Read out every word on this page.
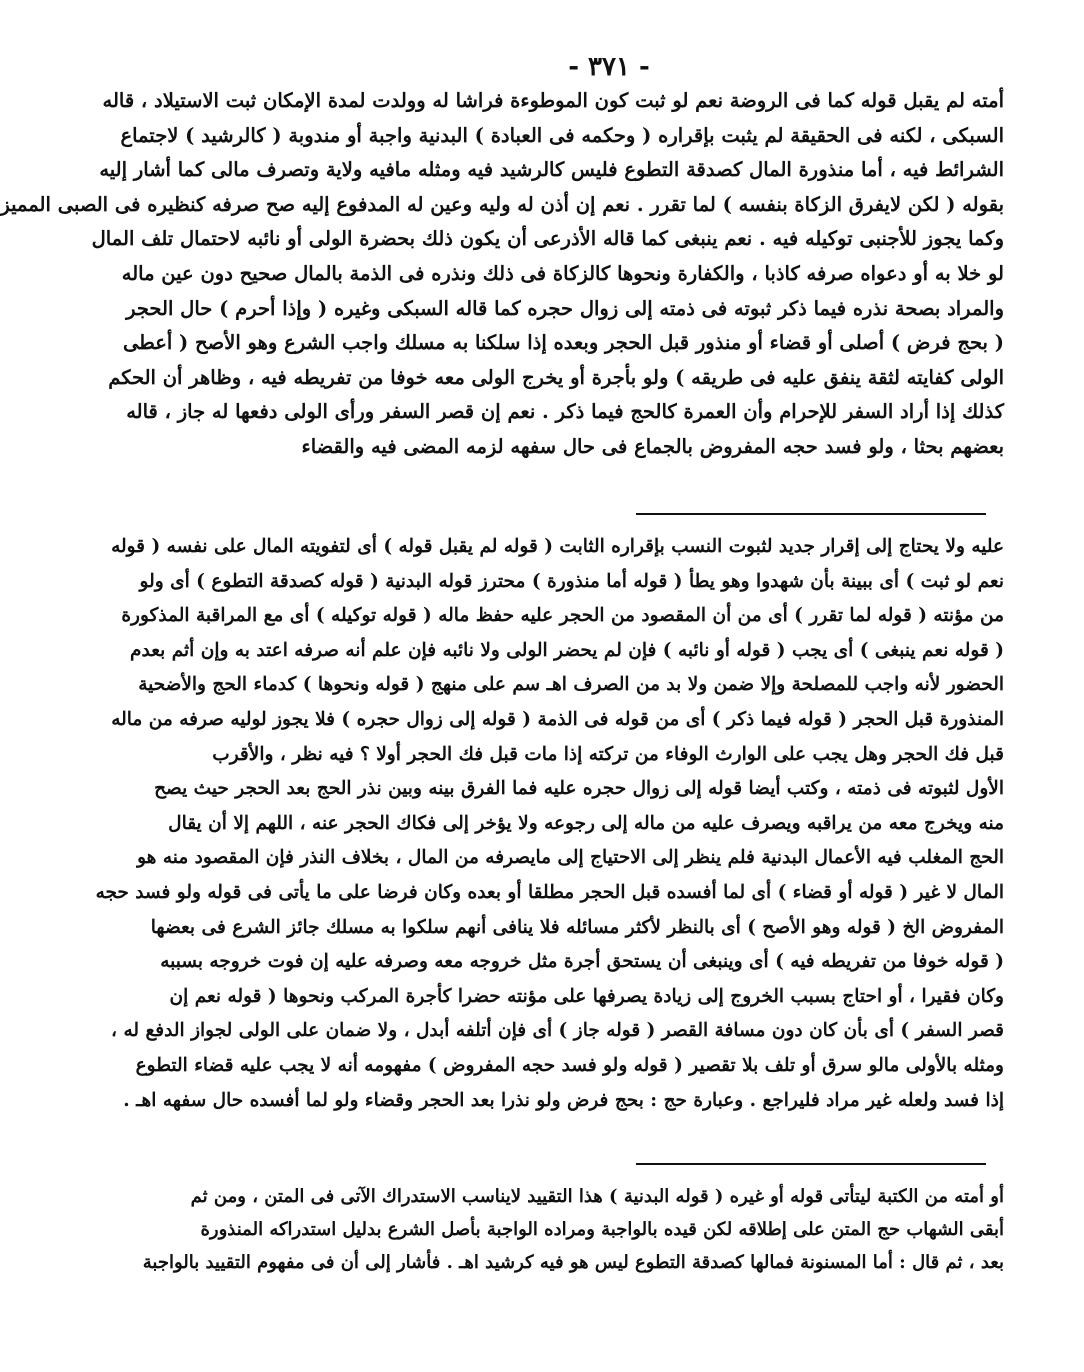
- ٣٧١ -
أمته لم يقبل قوله كما فى الروضة نعم لو ثبت كون الموطوءة فراشا له وولدت لمدة الإمكان ثبت الاستيلاد ، قاله
السبكى ، لكنه فى الحقيقة لم يثبت بإقراره ( وحكمه فى العبادة ) البدنية واجبة أو مندوبة ( كالرشيد ) لاجتماع
الشرائط فيه ، أما منذورة المال كصدقة التطوع فليس كالرشيد فيه ومثله مافيه ولاية وتصرف مالى كما أشار إليه
بقوله ( لكن لايفرق الزكاة بنفسه ) لما تقرر . نعم إن أذن له وليه وعين له المدفوع إليه صح صرفه كنظيره فى الصبى المميز
وكما يجوز للأجنبى توكيله فيه . نعم ينبغى كما قاله الأذرعى أن يكون ذلك بحضرة الولى أو نائبه لاحتمال تلف المال
لو خلا به أو دعواه صرفه كاذبا ، والكفارة ونحوها كالزكاة فى ذلك ونذره فى الذمة بالمال صحيح دون عين ماله
والمراد بصحة نذره فيما ذكر ثبوته فى ذمته إلى زوال حجره كما قاله السبكى وغيره ( وإذا أحرم ) حال الحجر
( بحج فرض ) أصلى أو قضاء أو منذور قبل الحجر وبعده إذا سلكنا به مسلك واجب الشرع وهو الأصح ( أعطى
الولى كفايته لثقة ينفق عليه فى طريقه ) ولو بأجرة أو يخرج الولى معه خوفا من تفريطه فيه ، وظاهر أن الحكم
كذلك إذا أراد السفر للإحرام وأن العمرة كالحج فيما ذكر . نعم إن قصر السفر ورأى الولى دفعها له جاز ، قاله
بعضهم بحثا ، ولو فسد حجه المفروض بالجماع فى حال سفهه لزمه المضى فيه والقضاء
عليه ولا يحتاج إلى إقرار جديد لثبوت النسب بإقراره الثابت ( قوله لم يقبل قوله ) أى لتفويته المال على نفسه ( قوله
نعم لو ثبت ) أى ببينة بأن شهدوا وهو يطأ ( قوله أما منذورة ) محترز قوله البدنية ( قوله كصدقة التطوع ) أى ولو
من مؤنته ( قوله لما تقرر ) أى من أن المقصود من الحجر عليه حفظ ماله ( قوله توكيله ) أى مع المراقبة المذكورة
( قوله نعم ينبغى ) أى يجب ( قوله أو نائبه ) فإن لم يحضر الولى ولا نائبه فإن علم أنه صرفه اعتد به وإن أثم بعدم
الحضور لأنه واجب للمصلحة وإلا ضمن ولا بد من الصرف اهـ سم على منهج ( قوله ونحوها ) كدماء الحج والأضحية
المنذورة قبل الحجر ( قوله فيما ذكر ) أى من قوله فى الذمة ( قوله إلى زوال حجره ) فلا يجوز لوليه صرفه من ماله
قبل فك الحجر وهل يجب على الوارث الوفاء من تركته إذا مات قبل فك الحجر أولا ؟ فيه نظر ، والأقرب
الأول لثبوته فى ذمته ، وكتب أيضا قوله إلى زوال حجره عليه فما الفرق بينه وبين نذر الحج بعد الحجر حيث يصح
منه ويخرج معه من يراقبه ويصرف عليه من ماله إلى رجوعه ولا يؤخر إلى فكاك الحجر عنه ، اللهم إلا أن يقال
الحج المغلب فيه الأعمال البدنية فلم ينظر إلى الاحتياج إلى مايصرفه من المال ، بخلاف النذر فإن المقصود منه هو
المال لا غير ( قوله أو قضاء ) أى لما أفسده قبل الحجر مطلقا أو بعده وكان فرضا على ما يأتى فى قوله ولو فسد حجه
المفروض الخ ( قوله وهو الأصح ) أى بالنظر لأكثر مسائله فلا ينافى أنهم سلكوا به مسلك جائز الشرع فى بعضها
( قوله خوفا من تفريطه فيه ) أى وينبغى أن يستحق أجرة مثل خروجه معه وصرفه عليه إن فوت خروجه بسببه
وكان فقيرا ، أو احتاج بسبب الخروج إلى زيادة يصرفها على مؤنته حضرا كأجرة المركب ونحوها ( قوله نعم إن
قصر السفر ) أى بأن كان دون مسافة القصر ( قوله جاز ) أى فإن أتلفه أبدل ، ولا ضمان على الولى لجواز الدفع له ،
ومثله بالأولى مالو سرق أو تلف بلا تقصير ( قوله ولو فسد حجه المفروض ) مفهومه أنه لا يجب عليه قضاء التطوع
إذا فسد ولعله غير مراد فليراجع . وعبارة حج : بحج فرض ولو نذرا بعد الحجر وقضاء ولو لما أفسده حال سفهه اهـ .
أو أمته من الكتبة ليتأتى قوله أو غيره ( قوله البدنية ) هذا التقييد لايناسب الاستدراك الآتى فى المتن ، ومن ثم
أبقى الشهاب حج المتن على إطلاقه لكن قيده بالواجبة ومراده الواجبة بأصل الشرع بدليل استدراكه المنذورة
بعد ، ثم قال : أما المسنونة فمالها كصدقة التطوع ليس هو فيه كرشيد اهـ . فأشار إلى أن فى مفهوم التقييد بالواجبة
